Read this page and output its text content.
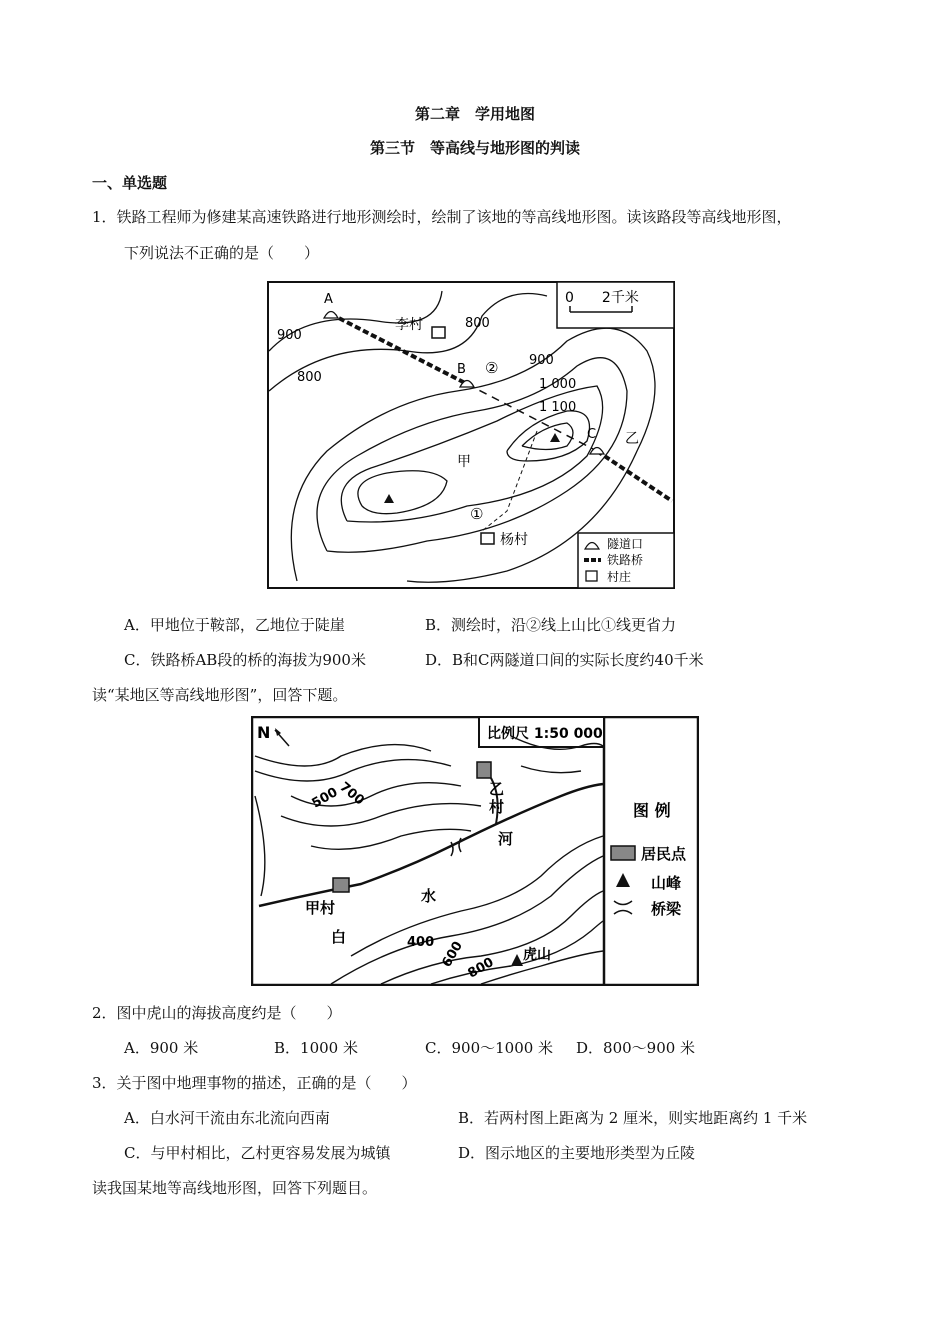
第二章　学用地图
第三节　等高线与地形图的判读
一、单选题
1．铁路工程师为修建某高速铁路进行地形测绘时，绘制了该地的等高线地形图。读该路段等高线地形图，
下列说法不正确的是（　　）
0　　2千米
A
B
C
李村
杨村
甲
乙
①
②
900
800
800
900
1 000
1 100
隧道口
铁路桥
村庄
A．甲地位于鞍部，乙地位于陡崖	B．测绘时，沿②线上山比①线更省力
C．铁路桥AB段的桥的海拔为900米	D．B和C两隧道口间的实际长度约40千米
读“某地区等高线地形图”，回答下题。
比例尺 1:50 000
N
甲村
乙
村
河
水
白
虎山
700
500
400 600 800
图 例
居民点
山峰
桥梁
2．图中虎山的海拔高度约是（　　）
A．900 米	B．1000 米	C．900～1000 米 D．800～900 米
3．关于图中地理事物的描述，正确的是（　　）
A．白水河干流由东北流向西南	B．若两村图上距离为 2 厘米，则实地距离约 1 千米
C．与甲村相比，乙村更容易发展为城镇	D．图示地区的主要地形类型为丘陵
读我国某地等高线地形图，回答下列题目。
